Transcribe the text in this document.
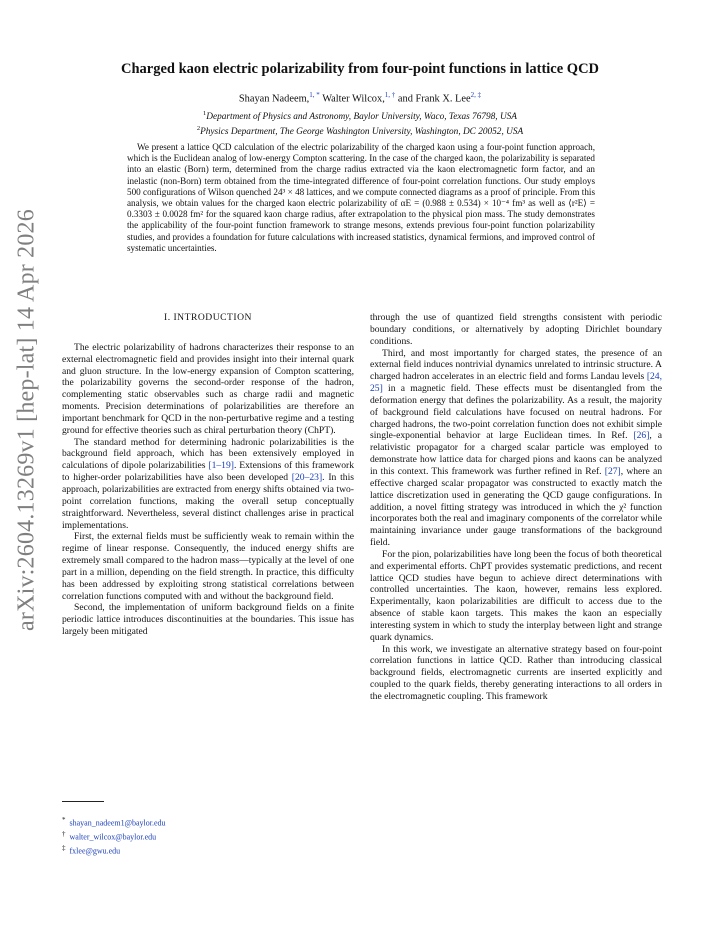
arXiv:2604.13269v1 [hep-lat] 14 Apr 2026
Charged kaon electric polarizability from four-point functions in lattice QCD
Shayan Nadeem,$^{1, *}$ Walter Wilcox,$^{1, \dagger}$ and Frank X. Lee$^{2, \ddagger}$
$^1$Department of Physics and Astronomy, Baylor University, Waco, Texas 76798, USA
$^2$Physics Department, The George Washington University, Washington, DC 20052, USA
We present a lattice QCD calculation of the electric polarizability of the charged kaon using a four-point function approach, which is the Euclidean analog of low-energy Compton scattering. In the case of the charged kaon, the polarizability is separated into an elastic (Born) term, determined from the charge radius extracted via the kaon electromagnetic form factor, and an inelastic (non-Born) term obtained from the time-integrated difference of four-point correlation functions. Our study employs 500 configurations of Wilson quenched 24³ × 48 lattices, and we compute connected diagrams as a proof of principle. From this analysis, we obtain values for the charged kaon electric polarizability of αE = (0.988 ± 0.534) × 10⁻⁴ fm³ as well as ⟨r²E⟩ = 0.3303 ± 0.0028 fm² for the squared kaon charge radius, after extrapolation to the physical pion mass. The study demonstrates the applicability of the four-point function framework to strange mesons, extends previous four-point function polarizability studies, and provides a foundation for future calculations with increased statistics, dynamical fermions, and improved control of systematic uncertainties.
I. INTRODUCTION

The electric polarizability of hadrons characterizes their response to an external electromagnetic field and provides insight into their internal quark and gluon structure. In the low-energy expansion of Compton scattering, the polarizability governs the second-order response of the hadron, complementing static observables such as charge radii and magnetic moments. Precision determinations of polarizabilities are therefore an important benchmark for QCD in the non-perturbative regime and a testing ground for effective theories such as chiral perturbation theory (ChPT).

The standard method for determining hadronic polarizabilities is the background field approach, which has been extensively employed in calculations of dipole polarizabilities [1–19]. Extensions of this framework to higher-order polarizabilities have also been developed [20–23]. In this approach, polarizabilities are extracted from energy shifts obtained via two-point correlation functions, making the overall setup conceptually straightforward. Nevertheless, several distinct challenges arise in practical implementations.

First, the external fields must be sufficiently weak to remain within the regime of linear response. Consequently, the induced energy shifts are extremely small compared to the hadron mass—typically at the level of one part in a million, depending on the field strength. In practice, this difficulty has been addressed by exploiting strong statistical correlations between correlation functions computed with and without the background field.

Second, the implementation of uniform background fields on a finite periodic lattice introduces discontinuities at the boundaries. This issue has largely been mitigated

through the use of quantized field strengths consistent with periodic boundary conditions, or alternatively by adopting Dirichlet boundary conditions.

Third, and most importantly for charged states, the presence of an external field induces nontrivial dynamics unrelated to intrinsic structure. A charged hadron accelerates in an electric field and forms Landau levels [24, 25] in a magnetic field. These effects must be disentangled from the deformation energy that defines the polarizability. As a result, the majority of background field calculations have focused on neutral hadrons. For charged hadrons, the two-point correlation function does not exhibit simple single-exponential behavior at large Euclidean times. In Ref. [26], a relativistic propagator for a charged scalar particle was employed to demonstrate how lattice data for charged pions and kaons can be analyzed in this context. This framework was further refined in Ref. [27], where an effective charged scalar propagator was constructed to exactly match the lattice discretization used in generating the QCD gauge configurations. In addition, a novel fitting strategy was introduced in which the χ² function incorporates both the real and imaginary components of the correlator while maintaining invariance under gauge transformations of the background field.

For the pion, polarizabilities have long been the focus of both theoretical and experimental efforts. ChPT provides systematic predictions, and recent lattice QCD studies have begun to achieve direct determinations with controlled uncertainties. The kaon, however, remains less explored. Experimentally, kaon polarizabilities are difficult to access due to the absence of stable kaon targets. This makes the kaon an especially interesting system in which to study the interplay between light and strange quark dynamics.

In this work, we investigate an alternative strategy based on four-point correlation functions in lattice QCD. Rather than introducing classical background fields, electromagnetic currents are inserted explicitly and coupled to the quark fields, thereby generating interactions to all orders in the electromagnetic coupling. This framework

* shayan_nadeem1@baylor.edu
† walter_wilcox@baylor.edu
‡ fxlee@gwu.edu
